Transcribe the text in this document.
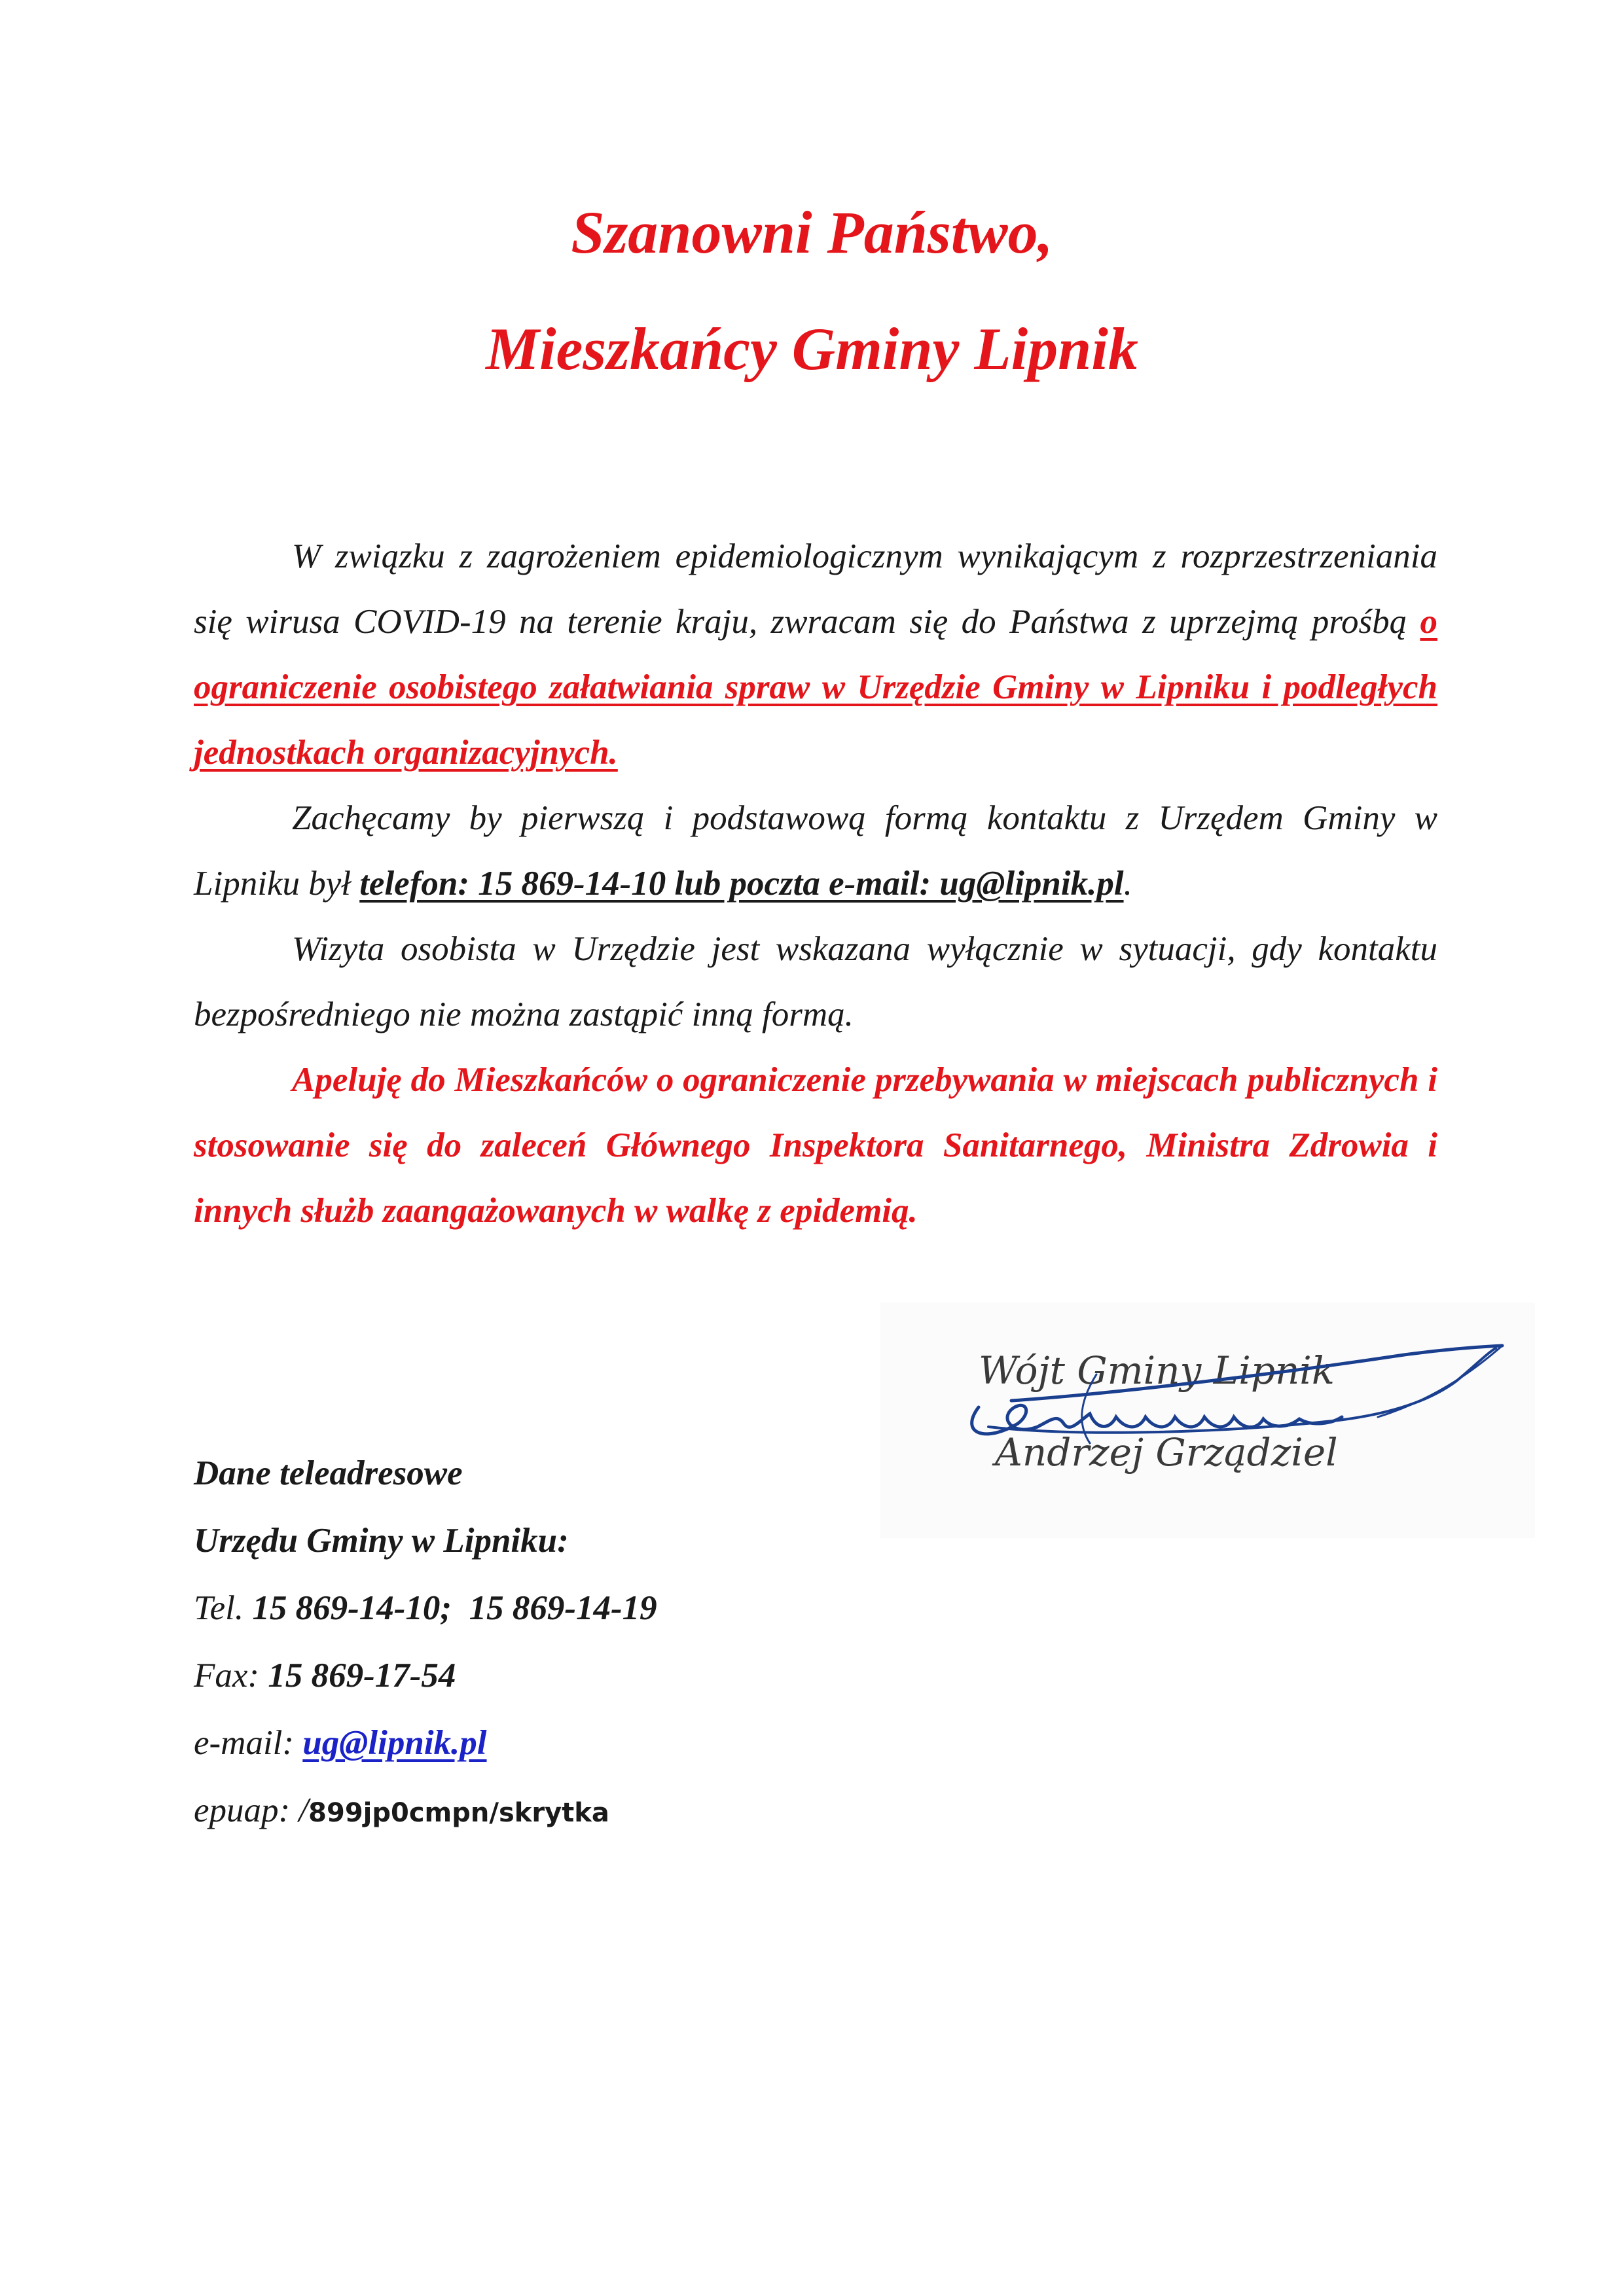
Szanowni Państwo,
Mieszkańcy Gminy Lipnik

W związku z zagrożeniem epidemiologicznym wynikającym z rozprzestrzeniania się wirusa COVID-19 na terenie kraju, zwracam się do Państwa z uprzejmą prośbą o ograniczenie osobistego załatwiania spraw w Urzędzie Gminy w Lipniku i podległych jednostkach organizacyjnych.

Zachęcamy by pierwszą i podstawową formą kontaktu z Urzędem Gminy w Lipniku był telefon: 15 869-14-10 lub poczta e-mail: ug@lipnik.pl.

Wizyta osobista w Urzędzie jest wskazana wyłącznie w sytuacji, gdy kontaktu bezpośredniego nie można zastąpić inną formą.

Apeluję do Mieszkańców o ograniczenie przebywania w miejscach publicznych i stosowanie się do zaleceń Głównego Inspektora Sanitarnego, Ministra Zdrowia i innych służb zaangażowanych w walkę z epidemią.

Wójt Gminy Lipnik
Andrzej Grządziel
Dane teleadresowe
Urzędu Gminy w Lipniku:
Tel. 15 869-14-10;  15 869-14-19
Fax: 15 869-17-54
e-mail: ug@lipnik.pl
epuap: /899jp0cmpn/skrytka
